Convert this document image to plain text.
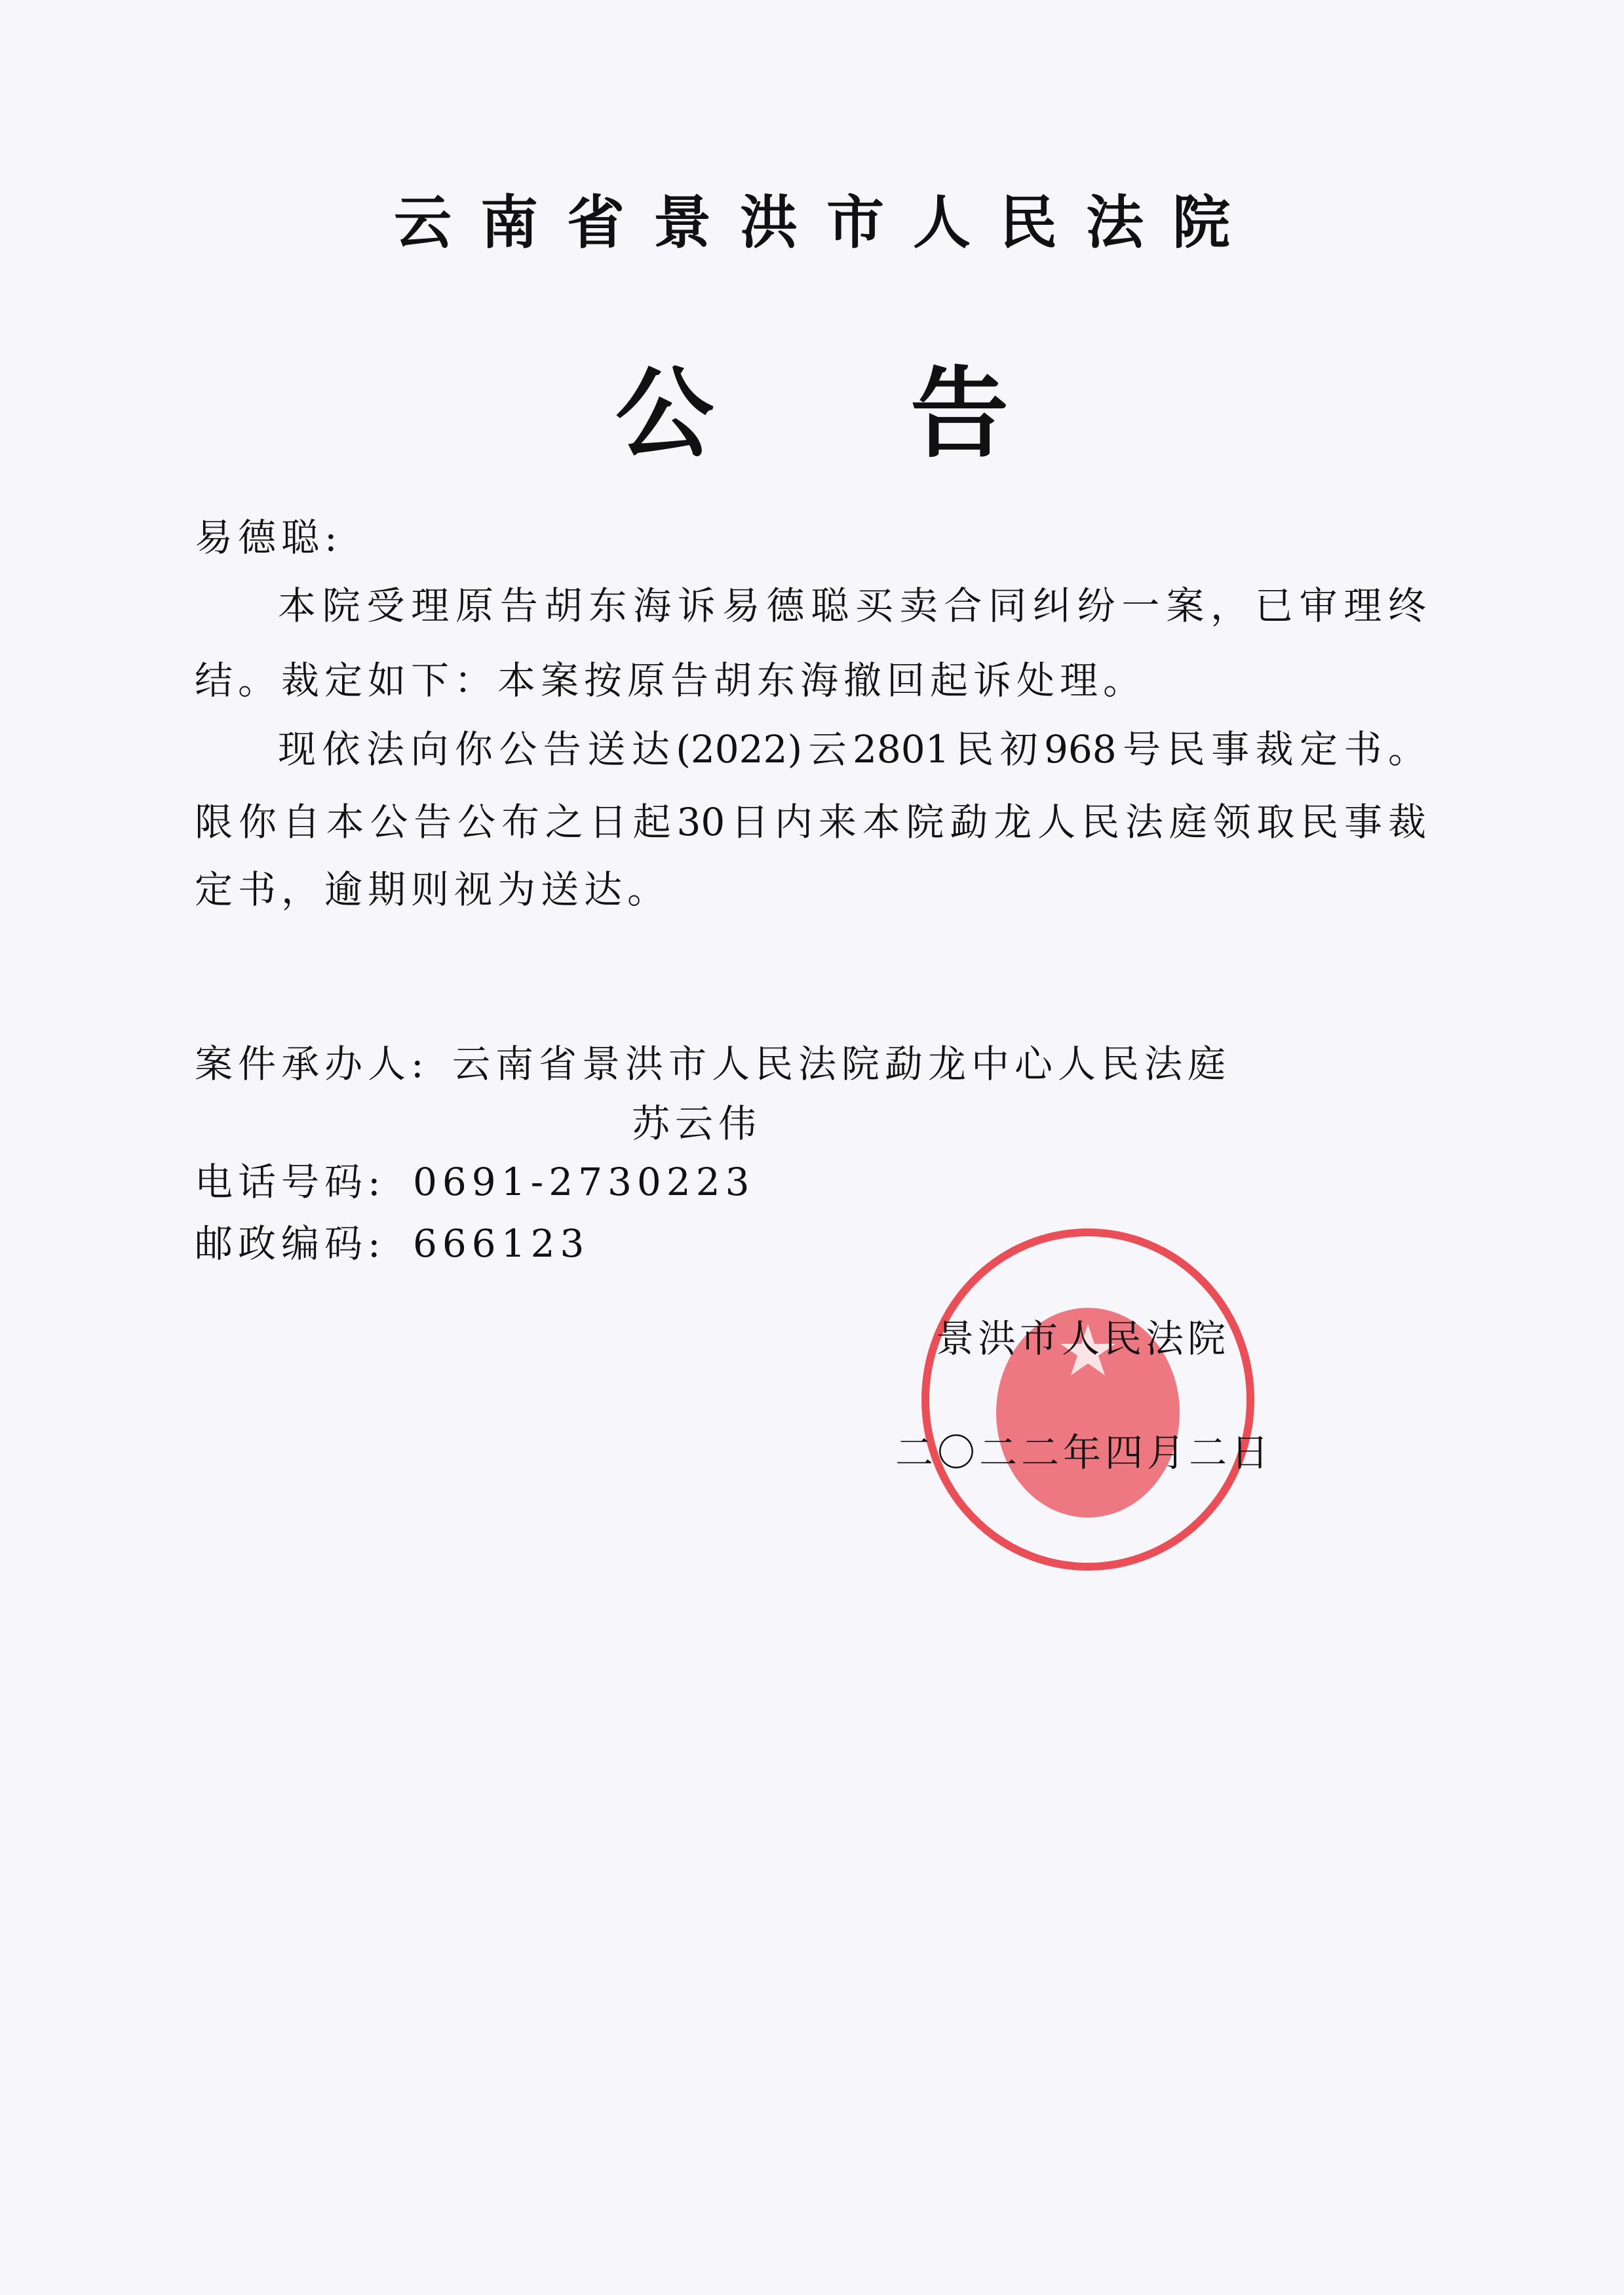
云南省景洪市人民法院
公 告
易德聪:
本院受理原告胡东海诉易德聪买卖合同纠纷一案，已审理终
结。裁定如下：本案按原告胡东海撤回起诉处理。
现依法向你公告送达(2022)云2801民初968号民事裁定书。
限你自本公告公布之日起30日内来本院勐龙人民法庭领取民事裁
定书，逾期则视为送达。
案件承办人: 云南省景洪市人民法院勐龙中心人民法庭
苏云伟
电话号码: 0691-2730223
邮政编码: 666123
景洪市人民法院
二〇二二年四月二日
